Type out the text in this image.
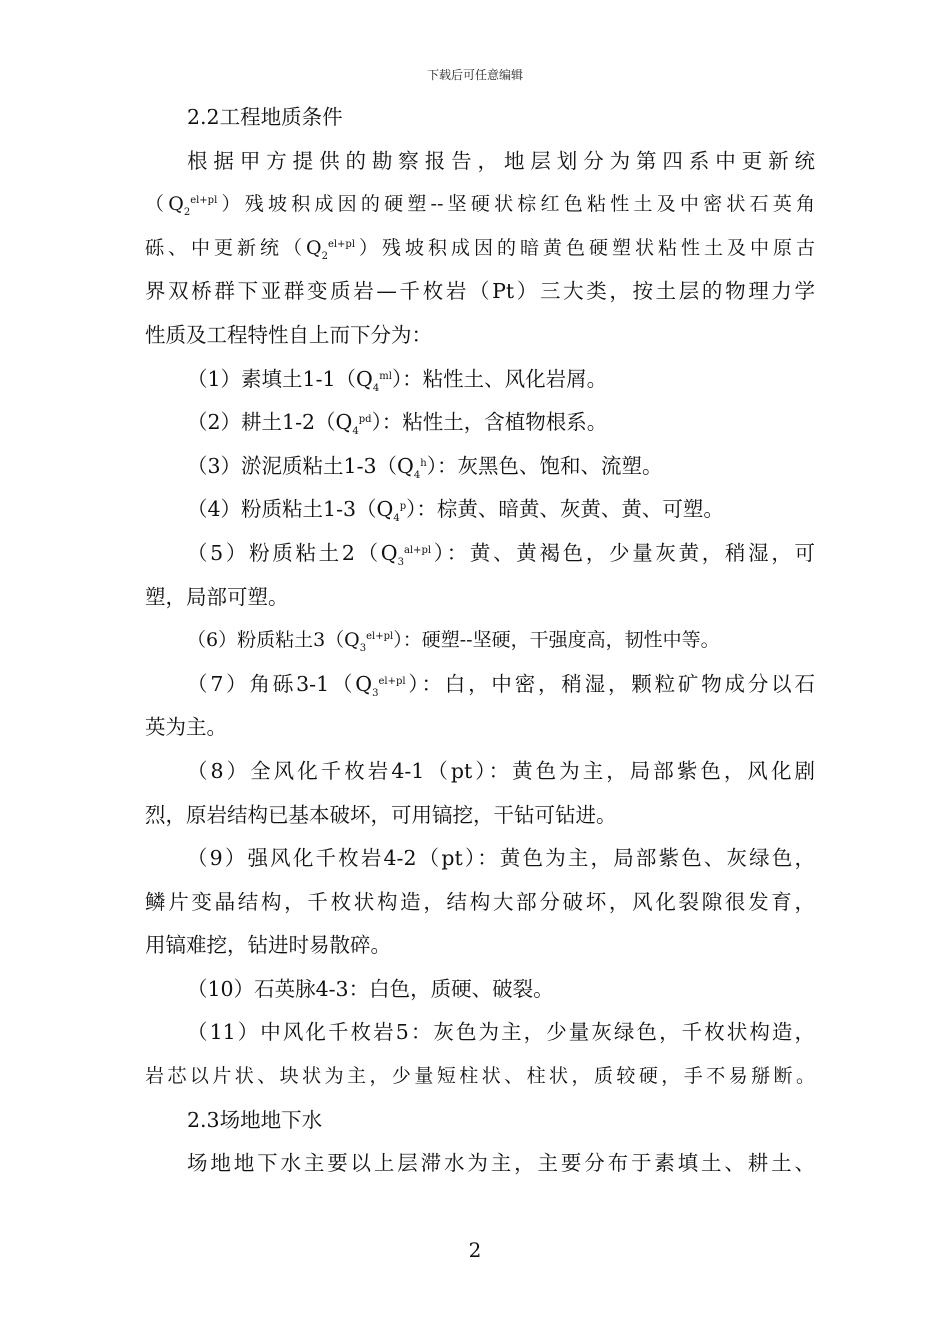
下载后可任意编辑
2.2工程地质条件
根据甲方提供的勘察报告，地层划分为第四系中更新统
$(Q_2^{el+pl})$残坡积成因的硬塑--坚硬状棕红色粘性土及中密状石英角
砾、中更新统$(Q_2^{el+pl})$残坡积成因的暗黄色硬塑状粘性土及中原古
界双桥群下亚群变质岩—千枚岩（Pt）三大类，按土层的物理力学
性质及工程特性自上而下分为：
（1）素填土$1-1(Q_4^{ml})$：粘性土、风化岩屑。
（2）耕土$1-2(Q_4^{pd})$：粘性土，含植物根系。
（3）淤泥质粘土$1-3(Q_4^h)$：灰黑色、饱和、流塑。
（4）粉质粘土$1-3(Q_4^p)$：棕黄、暗黄、灰黄、黄、可塑。
（5）粉质粘土$2(Q_3^{al+pl})$：黄、黄褐色，少量灰黄，稍湿，可
塑，局部可塑。
（6）粉质粘土$3(Q_3^{el+pl})$：硬塑--坚硬，干强度高，韧性中等。
（7）角砾$3-1(Q_3^{el+pl})$：白，中密，稍湿，颗粒矿物成分以石
英为主。
（8）全风化千枚岩4-1（pt）：黄色为主，局部紫色，风化剧
烈，原岩结构已基本破坏，可用镐挖，干钻可钻进。
（9）强风化千枚岩4-2（pt）：黄色为主，局部紫色、灰绿色，
鳞片变晶结构，千枚状构造，结构大部分破坏，风化裂隙很发育，
用镐难挖，钻进时易散碎。
（10）石英脉4-3：白色，质硬、破裂。
（11）中风化千枚岩5：灰色为主，少量灰绿色，千枚状构造，
岩芯以片状、块状为主，少量短柱状、柱状，质较硬，手不易掰断。
2.3场地地下水
场地地下水主要以上层滞水为主，主要分布于素填土、耕土、
2
